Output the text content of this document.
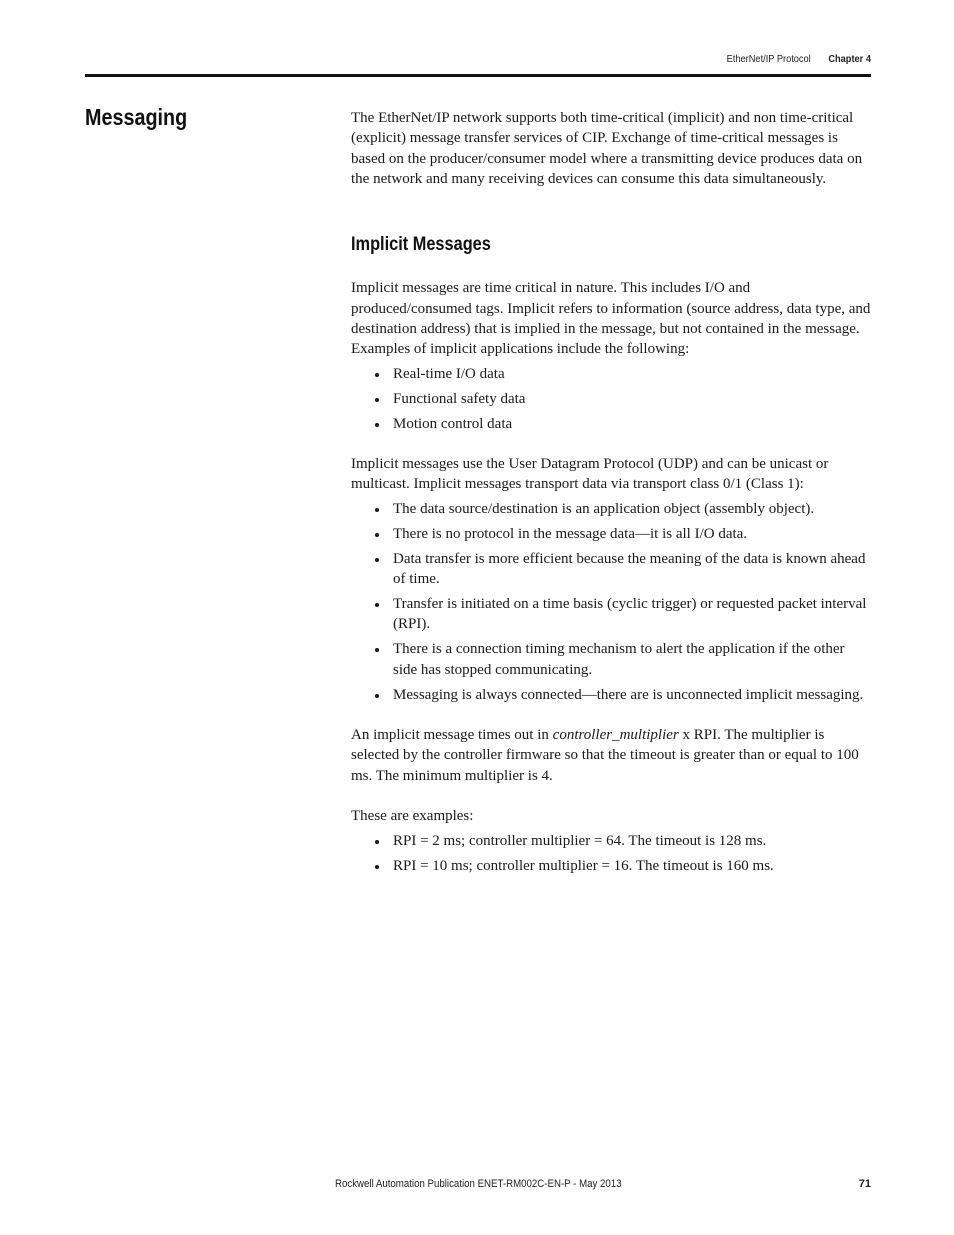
EtherNet/IP Protocol Chapter 4
Messaging	The EtherNet/IP network supports both time-critical (implicit) and non time-critical (explicit) message transfer services of CIP. Exchange of time-critical messages is based on the producer/consumer model where a transmitting device produces data on the network and many receiving devices can consume this data simultaneously.

Implicit Messages

Implicit messages are time critical in nature. This includes I/O and produced/consumed tags. Implicit refers to information (source address, data type, and destination address) that is implied in the message, but not contained in the message. Examples of implicit applications include the following:

Real-time I/O data
Functional safety data
Motion control data

Implicit messages use the User Datagram Protocol (UDP) and can be unicast or multicast. Implicit messages transport data via transport class 0/1 (Class 1):

The data source/destination is an application object (assembly object).
There is no protocol in the message data—it is all I/O data.
Data transfer is more efficient because the meaning of the data is known ahead of time.
Transfer is initiated on a time basis (cyclic trigger) or requested packet interval (RPI).
There is a connection timing mechanism to alert the application if the other side has stopped communicating.
Messaging is always connected—there are is unconnected implicit messaging.

An implicit message times out in controller_multiplier x RPI. The multiplier is selected by the controller firmware so that the timeout is greater than or equal to 100 ms. The minimum multiplier is 4.

These are examples:

RPI = 2 ms; controller multiplier = 64. The timeout is 128 ms.
RPI = 10 ms; controller multiplier = 16. The timeout is 160 ms.
Rockwell Automation Publication ENET-RM002C-EN-P - May 2013	71
